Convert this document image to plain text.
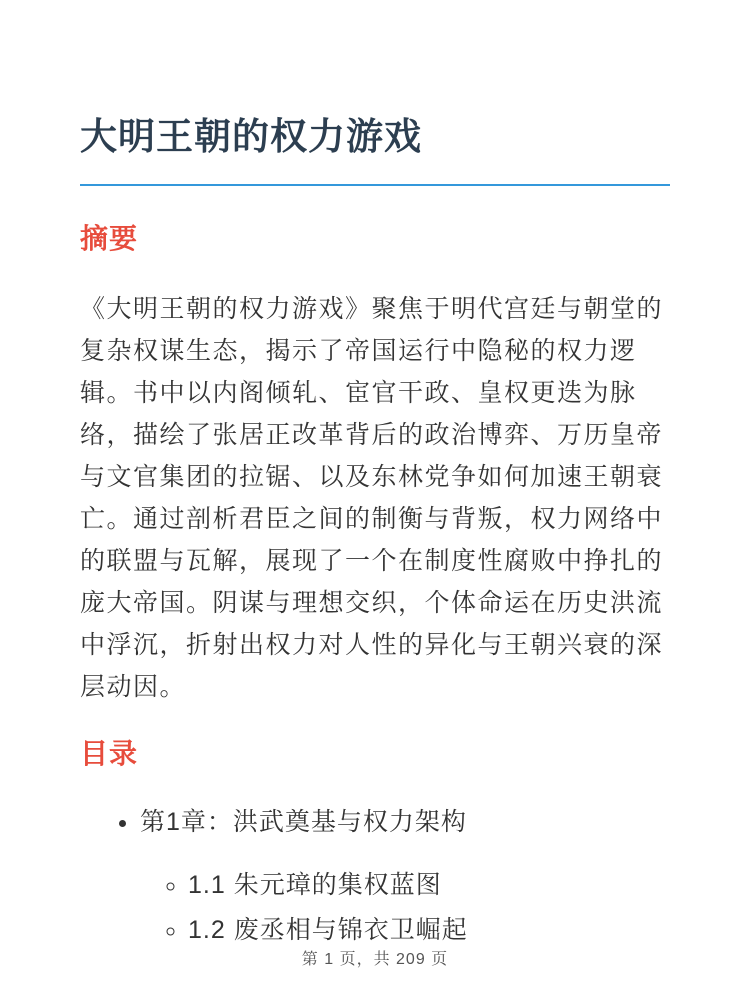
大明王朝的权力游戏
摘要

《大明王朝的权力游戏》聚焦于明代宫廷与朝堂的复杂权谋生态，揭示了帝国运行中隐秘的权力逻辑。书中以内阁倾轧、宦官干政、皇权更迭为脉络，描绘了张居正改革背后的政治博弈、万历皇帝与文官集团的拉锯、以及东林党争如何加速王朝衰亡。通过剖析君臣之间的制衡与背叛，权力网络中的联盟与瓦解，展现了一个在制度性腐败中挣扎的庞大帝国。阴谋与理想交织，个体命运在历史洪流中浮沉，折射出权力对人性的异化与王朝兴衰的深层动因。

目录
• 第1章：洪武奠基与权力架构
◦ 1.1 朱元璋的集权蓝图
◦ 1.2 废丞相与锦衣卫崛起
第 1 页，共 209 页
